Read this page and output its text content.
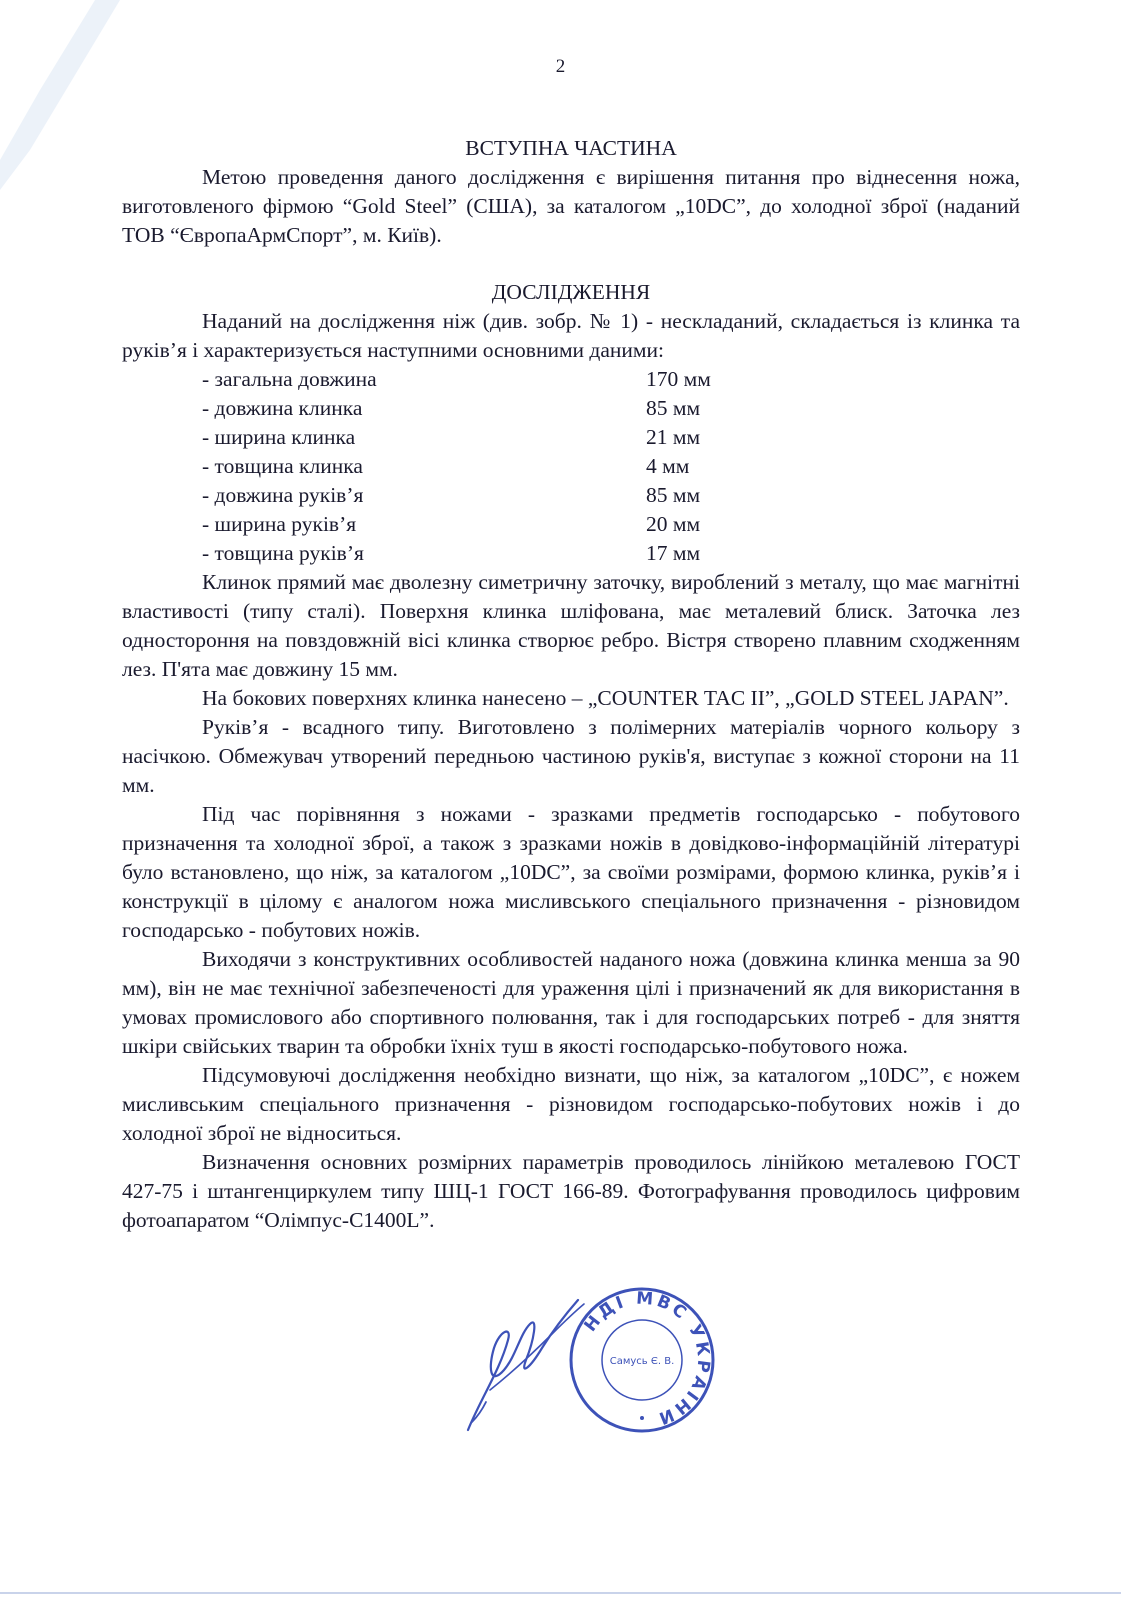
2
ВСТУПНА ЧАСТИНА

Метою проведення даного дослідження є вирішення питання про віднесення ножа, виготовленого фірмою “Gold Steel” (США), за каталогом „10DC”, до холодної зброї (наданий ТОВ “ЄвропаАрмСпорт”, м. Київ).

ДОСЛІДЖЕННЯ

Наданий на дослідження ніж (див. зобр. № 1) - нескладаний, складається із клинка та руків’я і характеризується наступними основними даними:

- загальна довжина	170 мм
- довжина клинка	85 мм
- ширина клинка	21 мм
- товщина клинка	4 мм
- довжина руків’я	85 мм
- ширина руків’я	20 мм
- товщина руків’я	17 мм

Клинок прямий має дволезну симетричну заточку, вироблений з металу, що має магнітні властивості (типу сталі). Поверхня клинка шліфована, має металевий блиск. Заточка лез одностороння на повздовжній вісі клинка створює ребро. Вістря створено плавним сходженням лез. П'ята має довжину 15 мм.

На бокових поверхнях клинка нанесено – „COUNTER TAC II”, „GOLD STEEL JAPAN”.

Руків’я - всадного типу. Виготовлено з полімерних матеріалів чорного кольору з насічкою. Обмежувач утворений передньою частиною руків'я, виступає з кожної сторони на 11 мм.

Під час порівняння з ножами - зразками предметів господарсько - побутового призначення та холодної зброї, а також з зразками ножів в довідково-інформаційній літературі було встановлено, що ніж, за каталогом „10DC”, за своїми розмірами, формою клинка, руків’я і конструкції в цілому є аналогом ножа мисливського спеціального призначення - різновидом господарсько - побутових ножів.

Виходячи з конструктивних особливостей наданого ножа (довжина клинка менша за 90 мм), він не має технічної забезпеченості для ураження цілі і призначений як для використання в умовах промислового або спортивного полювання, так і для господарських потреб - для зняття шкіри свійських тварин та обробки їхніх туш в якості господарсько-побутового ножа.

Підсумовуючі дослідження необхідно визнати, що ніж, за каталогом „10DC”, є ножем мисливським спеціального призначення - різновидом господарсько-побутових ножів і до холодної зброї не відноситься.

Визначення основних розмірних параметрів проводилось лінійкою металевою ГОСТ 427-75 і штангенциркулем типу ШЦ-1 ГОСТ 166-89. Фотографування проводилось цифровим фотоапаратом “Олімпус-С1400L”.

НДІ МВС УКРАЇНИ
Самусь Є. В.
